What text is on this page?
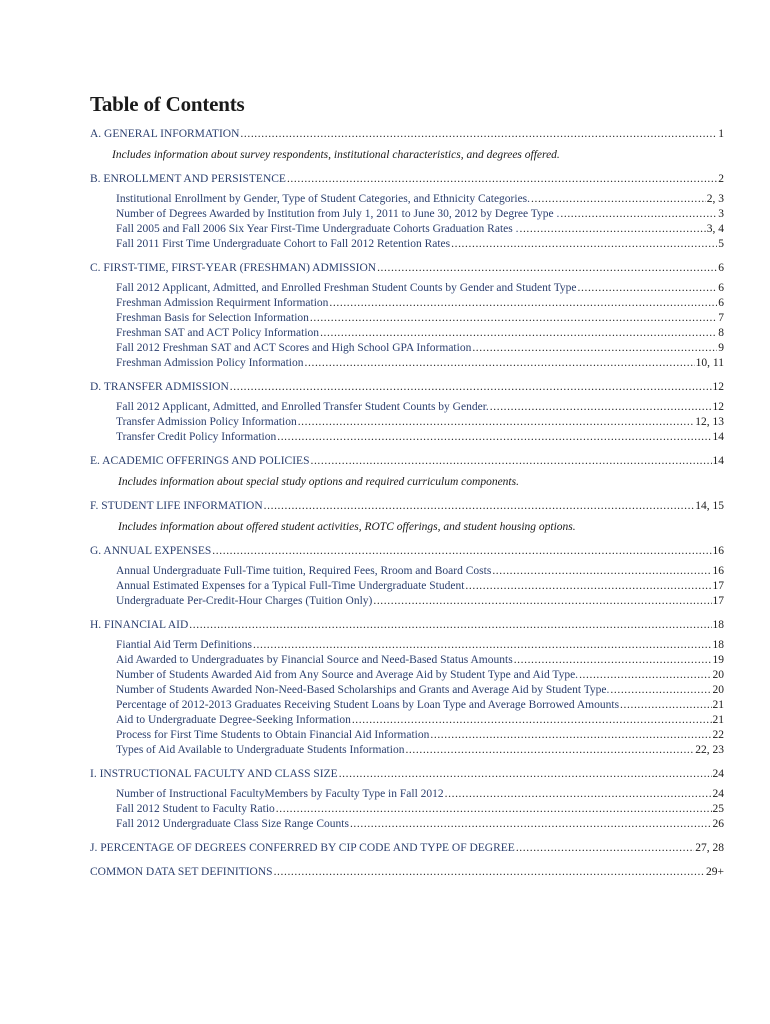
Table of Contents
A. GENERAL INFORMATION .....	1
Includes information about survey respondents, institutional characteristics, and degrees offered.
B. ENROLLMENT AND PERSISTENCE .....	2
Institutional Enrollment by Gender, Type of Student Categories, and Ethnicity Categories. .....	2, 3
Number of Degrees Awarded by Institution from July 1, 2011 to June 30, 2012 by Degree Type . .....	3
Fall 2005 and Fall 2006 Six Year First-Time Undergraduate Cohorts Graduation Rates . .....	3, 4
Fall 2011 First Time Undergraduate Cohort to Fall 2012 Retention Rates .....	5
C. FIRST-TIME, FIRST-YEAR (FRESHMAN) ADMISSION .....	6
Fall 2012 Applicant, Admitted, and Enrolled Freshman Student Counts by Gender and Student Type .....	6
Freshman Admission Requirment Information .....	6
Freshman Basis for Selection Information .....	7
Freshman SAT and ACT Policy Information .....	8
Fall 2012 Freshman SAT and ACT Scores and High School GPA Information .....	9
Freshman Admission Policy Information .....	10, 11
D. TRANSFER ADMISSION .....	12
Fall 2012 Applicant, Admitted, and Enrolled Transfer Student Counts by Gender. .....	12
Transfer Admission Policy Information .....	12, 13
Transfer Credit Policy Information .....	14
E. ACADEMIC OFFERINGS AND POLICIES .....	14
Includes information about special study options and required curriculum components.
F. STUDENT LIFE INFORMATION .....	14, 15
Includes information about offered student activities, ROTC offerings, and student housing options.
G. ANNUAL EXPENSES .....	16
Annual Undergraduate Full-Time tuition, Required Fees, Rroom and Board Costs .....	16
Annual Estimated Expenses for a Typical Full-Time Undergraduate Student .....	17
Undergraduate Per-Credit-Hour Charges (Tuition Only) .....	17
H. FINANCIAL AID .....	18
Fiantial Aid Term Definitions .....	18
Aid Awarded to Undergraduates by Financial Source and Need-Based Status Amounts .....	19
Number of Students Awarded Aid from Any Source and Average Aid by Student Type and Aid Type. .....	20
Number of Students Awarded Non-Need-Based Scholarships and Grants and Average Aid by Student Type. .....	20
Percentage of 2012-2013 Graduates Receiving Student Loans by Loan Type and Average Borrowed Amounts .....	21
Aid to Undergraduate Degree-Seeking Information .....	21
Process for First Time Students to Obtain Financial Aid Information .....	22
Types of Aid Available to Undergraduate Students Information .....	22, 23
I. INSTRUCTIONAL FACULTY AND CLASS SIZE .....	24
Number of Instructional FacultyMembers by Faculty Type in Fall 2012 .....	24
Fall 2012 Student to Faculty Ratio .....	25
Fall 2012 Undergraduate Class Size Range Counts .....	26
J. PERCENTAGE OF DEGREES CONFERRED BY CIP CODE AND TYPE OF DEGREE .....	27, 28
COMMON DATA SET DEFINITIONS .....	29+
